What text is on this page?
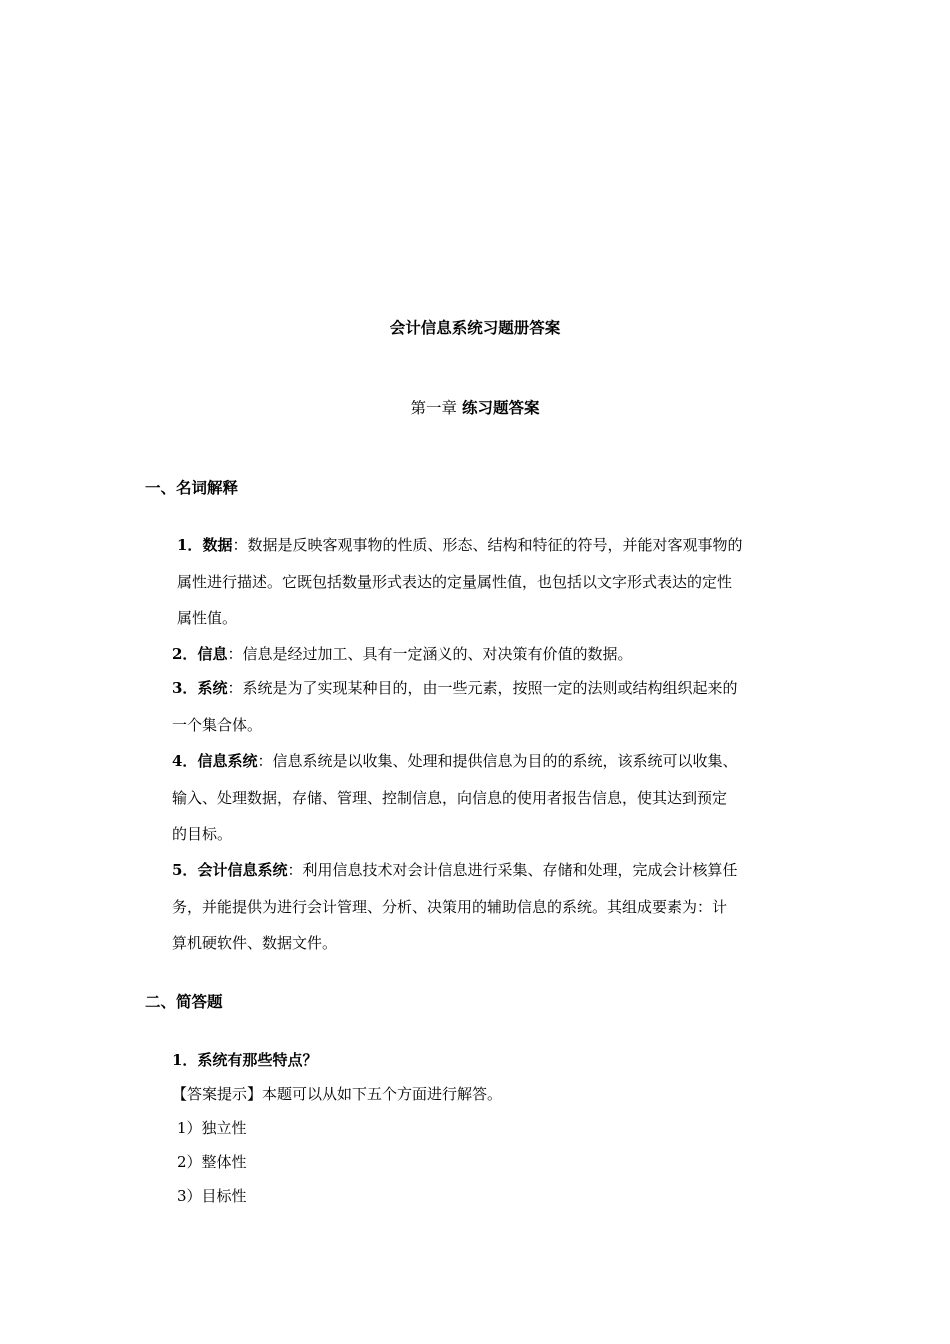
会计信息系统习题册答案
第一章 练习题答案
一、名词解释
1．数据：数据是反映客观事物的性质、形态、结构和特征的符号，并能对客观事物的
属性进行描述。它既包括数量形式表达的定量属性值，也包括以文字形式表达的定性
属性值。
2．信息：信息是经过加工、具有一定涵义的、对决策有价值的数据。
3．系统：系统是为了实现某种目的，由一些元素，按照一定的法则或结构组织起来的
一个集合体。
4．信息系统：信息系统是以收集、处理和提供信息为目的的系统，该系统可以收集、
输入、处理数据，存储、管理、控制信息，向信息的使用者报告信息，使其达到预定
的目标。
5．会计信息系统：利用信息技术对会计信息进行采集、存储和处理，完成会计核算任
务，并能提供为进行会计管理、分析、决策用的辅助信息的系统。其组成要素为：计
算机硬软件、数据文件。
二、简答题
1．系统有那些特点？
【答案提示】本题可以从如下五个方面进行解答。
1）独立性
2）整体性
3）目标性
